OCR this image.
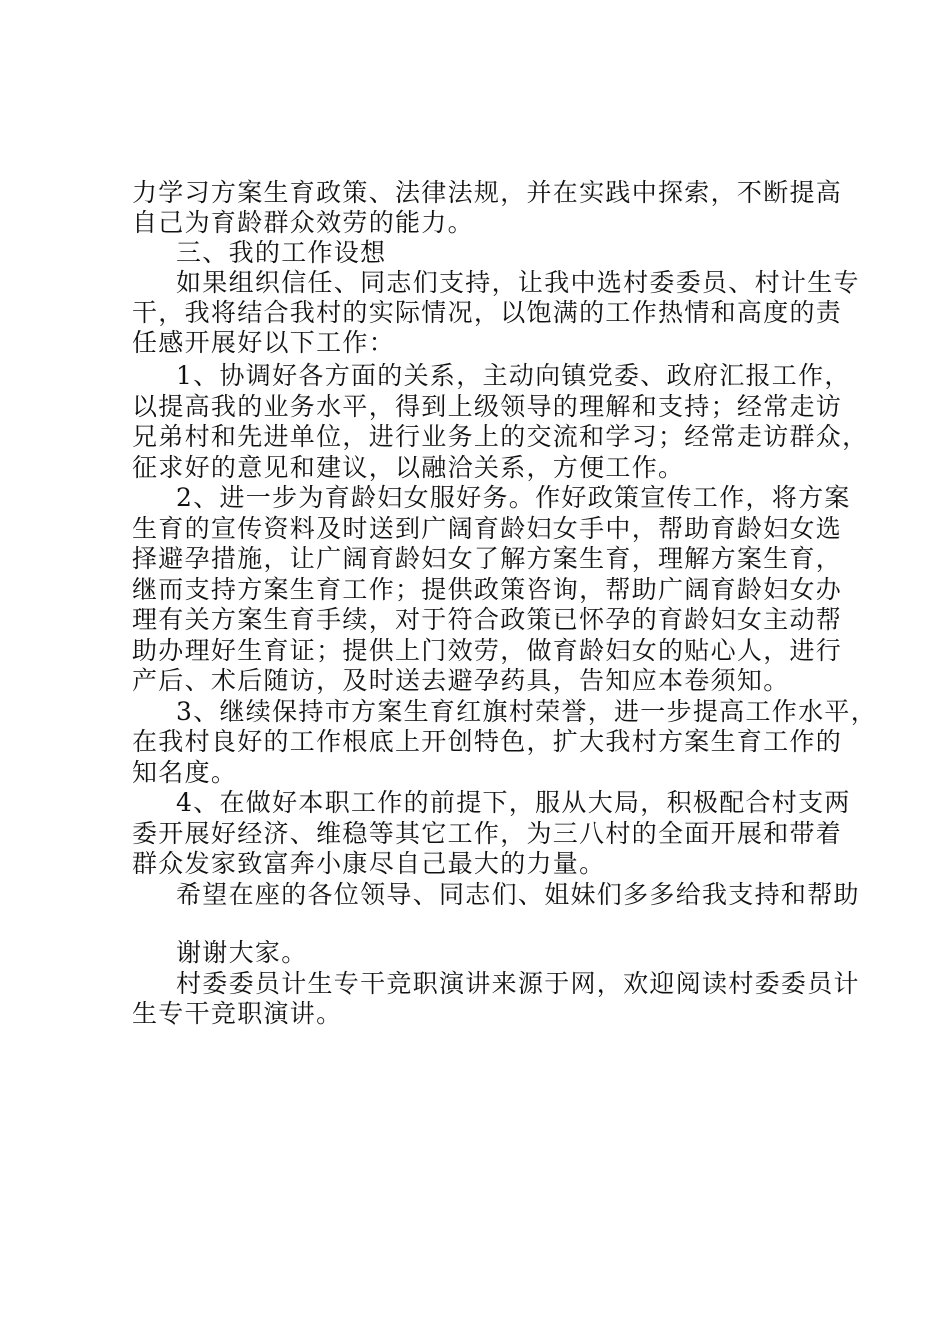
力学习方案生育政策、法律法规，并在实践中探索，不断提高
自己为育龄群众效劳的能力。
三、我的工作设想
如果组织信任、同志们支持，让我中选村委委员、村计生专
干，我将结合我村的实际情况，以饱满的工作热情和高度的责
任感开展好以下工作：
1、协调好各方面的关系，主动向镇党委、政府汇报工作，
以提高我的业务水平，得到上级领导的理解和支持；经常走访
兄弟村和先进单位，进行业务上的交流和学习；经常走访群众，
征求好的意见和建议，以融洽关系，方便工作。
2、进一步为育龄妇女服好务。作好政策宣传工作，将方案
生育的宣传资料及时送到广阔育龄妇女手中，帮助育龄妇女选
择避孕措施，让广阔育龄妇女了解方案生育，理解方案生育，
继而支持方案生育工作；提供政策咨询，帮助广阔育龄妇女办
理有关方案生育手续，对于符合政策已怀孕的育龄妇女主动帮
助办理好生育证；提供上门效劳，做育龄妇女的贴心人，进行
产后、术后随访，及时送去避孕药具，告知应本卷须知。
3、继续保持市方案生育红旗村荣誉，进一步提高工作水平，
在我村良好的工作根底上开创特色，扩大我村方案生育工作的
知名度。
4、在做好本职工作的前提下，服从大局，积极配合村支两
委开展好经济、维稳等其它工作，为三八村的全面开展和带着
群众发家致富奔小康尽自己最大的力量。
希望在座的各位领导、同志们、姐妹们多多给我支持和帮助
谢谢大家。
村委委员计生专干竞职演讲来源于网，欢迎阅读村委委员计
生专干竞职演讲。
